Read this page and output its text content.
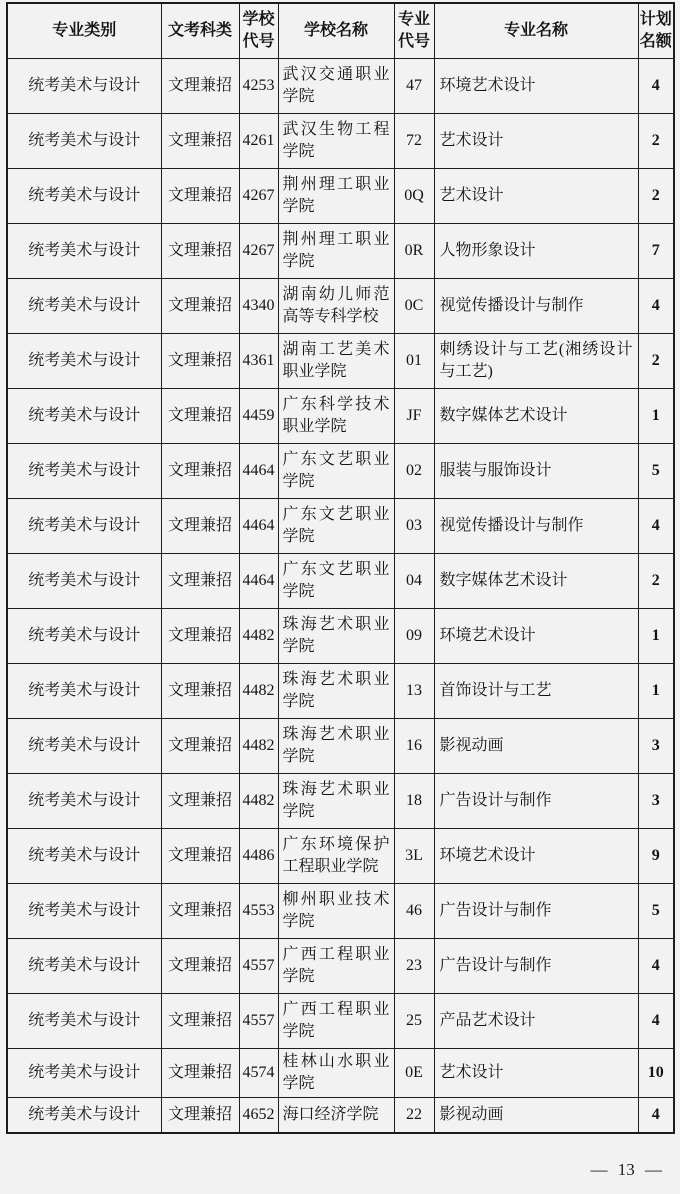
专业类别	文考科类	学校代号	学校名称	专业代号	专业名称	计划名额
统考美术与设计	文理兼招	4253	武汉交通职业学院	47	环境艺术设计	4
统考美术与设计	文理兼招	4261	武汉生物工程学院	72	艺术设计	2
统考美术与设计	文理兼招	4267	荆州理工职业学院	0Q	艺术设计	2
统考美术与设计	文理兼招	4267	荆州理工职业学院	0R	人物形象设计	7
统考美术与设计	文理兼招	4340	湖南幼儿师范高等专科学校	0C	视觉传播设计与制作	4
统考美术与设计	文理兼招	4361	湖南工艺美术职业学院	01	刺绣设计与工艺(湘绣设计与工艺)	2
统考美术与设计	文理兼招	4459	广东科学技术职业学院	JF	数字媒体艺术设计	1
统考美术与设计	文理兼招	4464	广东文艺职业学院	02	服装与服饰设计	5
统考美术与设计	文理兼招	4464	广东文艺职业学院	03	视觉传播设计与制作	4
统考美术与设计	文理兼招	4464	广东文艺职业学院	04	数字媒体艺术设计	2
统考美术与设计	文理兼招	4482	珠海艺术职业学院	09	环境艺术设计	1
统考美术与设计	文理兼招	4482	珠海艺术职业学院	13	首饰设计与工艺	1
统考美术与设计	文理兼招	4482	珠海艺术职业学院	16	影视动画	3
统考美术与设计	文理兼招	4482	珠海艺术职业学院	18	广告设计与制作	3
统考美术与设计	文理兼招	4486	广东环境保护工程职业学院	3L	环境艺术设计	9
统考美术与设计	文理兼招	4553	柳州职业技术学院	46	广告设计与制作	5
统考美术与设计	文理兼招	4557	广西工程职业学院	23	广告设计与制作	4
统考美术与设计	文理兼招	4557	广西工程职业学院	25	产品艺术设计	4
统考美术与设计	文理兼招	4574	桂林山水职业学院	0E	艺术设计	10
统考美术与设计	文理兼招	4652	海口经济学院	22	影视动画	4
— 13 —
